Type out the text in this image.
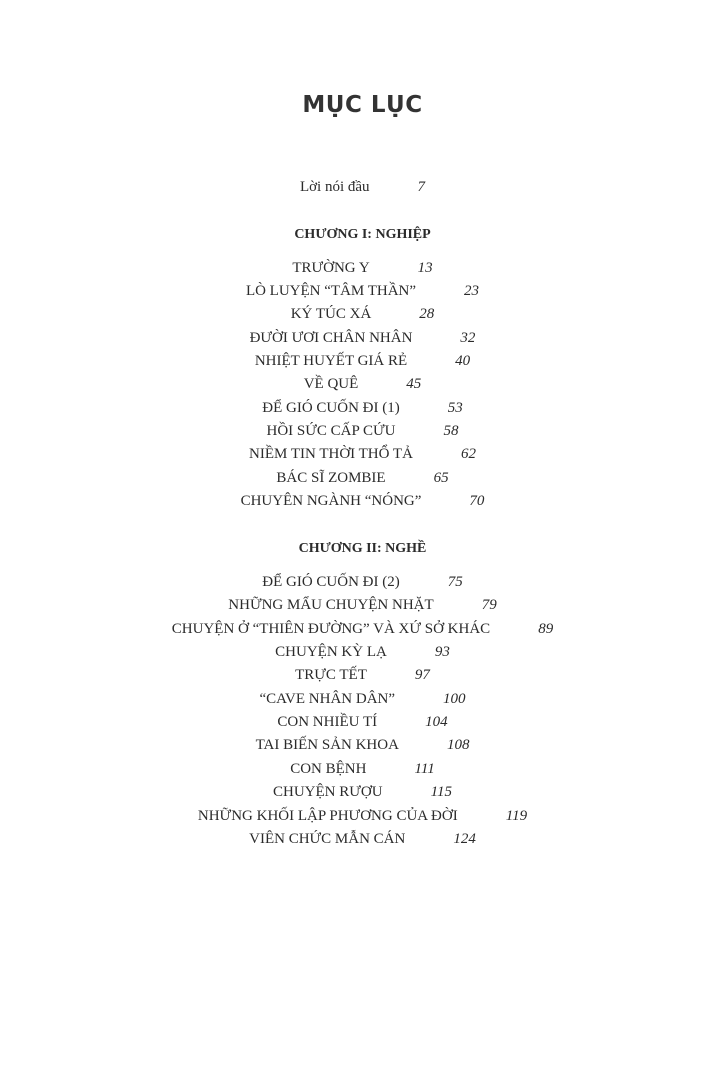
MỤC LỤC
Lời nói đầu	7
CHƯƠNG I: NGHIỆP
TRƯỜNG Y	13
LÒ LUYỆN “TÂM THẦN”	23
KÝ TÚC XÁ	28
ĐƯỜI ƯƠI CHÂN NHÂN	32
NHIỆT HUYẾT GIÁ RẺ	40
VỀ QUÊ	45
ĐỂ GIÓ CUỐN ĐI (1)	53
HỒI SỨC CẤP CỨU	58
NIỀM TIN THỜI THỔ TẢ	62
BÁC SĨ ZOMBIE	65
CHUYÊN NGÀNH “NÓNG”	70
CHƯƠNG II: NGHỀ
ĐỂ GIÓ CUỐN ĐI (2)	75
NHỮNG MẨU CHUYỆN NHẶT	79
CHUYỆN Ở “THIÊN ĐƯỜNG” VÀ XỨ SỞ KHÁC	89
CHUYỆN KỲ LẠ	93
TRỰC TẾT	97
“CAVE NHÂN DÂN”	100
CON NHIỀU TÍ	104
TAI BIẾN SẢN KHOA	108
CON BỆNH	111
CHUYỆN RƯỢU	115
NHỮNG KHỐI LẬP PHƯƠNG CỦA ĐỜI	119
VIÊN CHỨC MẪN CÁN	124
